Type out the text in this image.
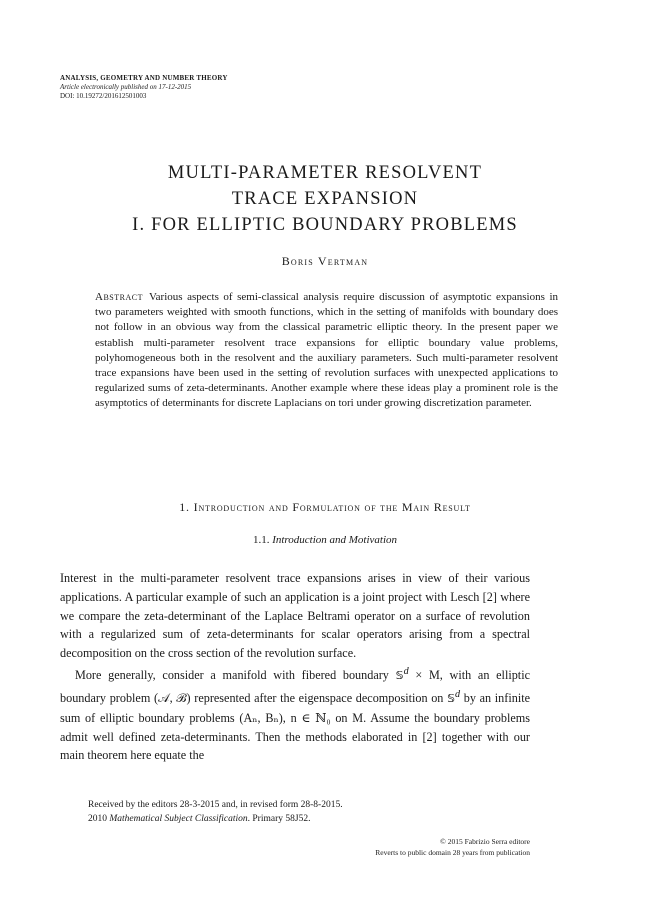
ANALYSIS, GEOMETRY AND NUMBER THEORY
Article electronically published on 17-12-2015
DOI: 10.19272/201612501003
MULTI-PARAMETER RESOLVENT
TRACE EXPANSION
I. FOR ELLIPTIC BOUNDARY PROBLEMS
Boris Vertman
Abstract Various aspects of semi-classical analysis require discussion of asymptotic expansions in two parameters weighted with smooth functions, which in the setting of manifolds with boundary does not follow in an obvious way from the classical parametric elliptic theory. In the present paper we establish multi-parameter resolvent trace expansions for elliptic boundary value problems, polyhomogeneous both in the resolvent and the auxiliary parameters. Such multi-parameter resolvent trace expansions have been used in the setting of revolution surfaces with unexpected applications to regularized sums of zeta-determinants. Another example where these ideas play a prominent role is the asymptotics of determinants for discrete Laplacians on tori under growing discretization parameter.
1. Introduction and Formulation of the Main Result
1.1. Introduction and Motivation

Interest in the multi-parameter resolvent trace expansions arises in view of their various applications. A particular example of such an application is a joint project with Lesch [2] where we compare the zeta-determinant of the Laplace Beltrami operator on a surface of revolution with a regularized sum of zeta-determinants for scalar operators arising from a spectral decomposition on the cross section of the revolution surface.

More generally, consider a manifold with fibered boundary 𝕊$^d$ × M, with an elliptic boundary problem (𝒜, ℬ) represented after the eigenspace decomposition on 𝕊$^d$ by an infinite sum of elliptic boundary problems (Aₙ, Bₙ), n ∈ ℕ₀ on M. Assume the boundary problems admit well defined zeta-determinants. Then the methods elaborated in [2] together with our main theorem here equate the

Received by the editors 28-3-2015 and, in revised form 28-8-2015.
2010 Mathematical Subject Classification. Primary 58J52.
© 2015 Fabrizio Serra editore
Reverts to public domain 28 years from publication
